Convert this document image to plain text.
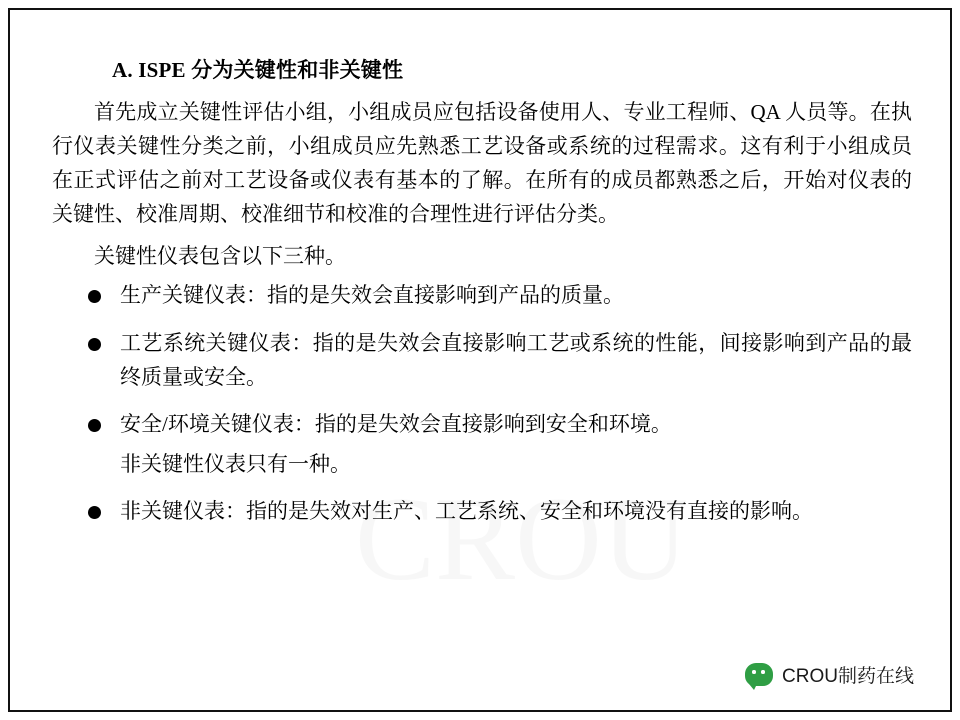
A. ISPE 分为关键性和非关键性

首先成立关键性评估小组，小组成员应包括设备使用人、专业工程师、QA 人员等。在执行仪表关键性分类之前，小组成员应先熟悉工艺设备或系统的过程需求。这有利于小组成员在正式评估之前对工艺设备或仪表有基本的了解。在所有的成员都熟悉之后，开始对仪表的关键性、校准周期、校准细节和校准的合理性进行评估分类。

关键性仪表包含以下三种。

生产关键仪表：指的是失效会直接影响到产品的质量。
工艺系统关键仪表：指的是失效会直接影响工艺或系统的性能，间接影响到产品的最终质量或安全。
安全/环境关键仪表：指的是失效会直接影响到安全和环境。
非关键性仪表只有一种。
非关键仪表：指的是失效对生产、工艺系统、安全和环境没有直接的影响。
CROU制药在线
